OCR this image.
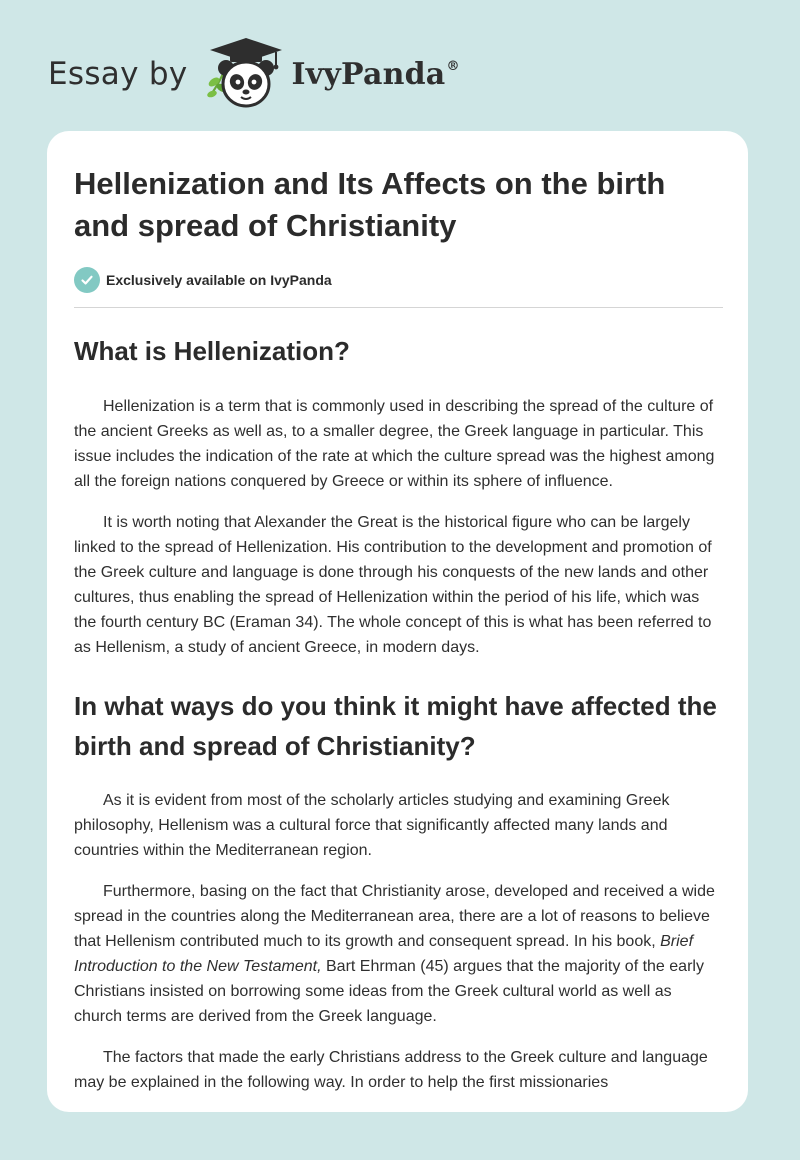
Essay by	IvyPanda®
Hellenization and Its Affects on the birth and spread of Christianity
Exclusively available on IvyPanda
What is Hellenization?

Hellenization is a term that is commonly used in describing the spread of the culture of the ancient Greeks as well as, to a smaller degree, the Greek language in particular. This issue includes the indication of the rate at which the culture spread was the highest among all the foreign nations conquered by Greece or within its sphere of influence.

It is worth noting that Alexander the Great is the historical figure who can be largely linked to the spread of Hellenization. His contribution to the development and promotion of the Greek culture and language is done through his conquests of the new lands and other cultures, thus enabling the spread of Hellenization within the period of his life, which was the fourth century BC (Eraman 34). The whole concept of this is what has been referred to as Hellenism, a study of ancient Greece, in modern days.

In what ways do you think it might have affected the birth and spread of Christianity?

As it is evident from most of the scholarly articles studying and examining Greek philosophy, Hellenism was a cultural force that significantly affected many lands and countries within the Mediterranean region.

Furthermore, basing on the fact that Christianity arose, developed and received a wide spread in the countries along the Mediterranean area, there are a lot of reasons to believe that Hellenism contributed much to its growth and consequent spread. In his book, Brief Introduction to the New Testament, Bart Ehrman (45) argues that the majority of the early Christians insisted on borrowing some ideas from the Greek cultural world as well as church terms are derived from the Greek language.

The factors that made the early Christians address to the Greek culture and language may be explained in the following way. In order to help the first missionaries
